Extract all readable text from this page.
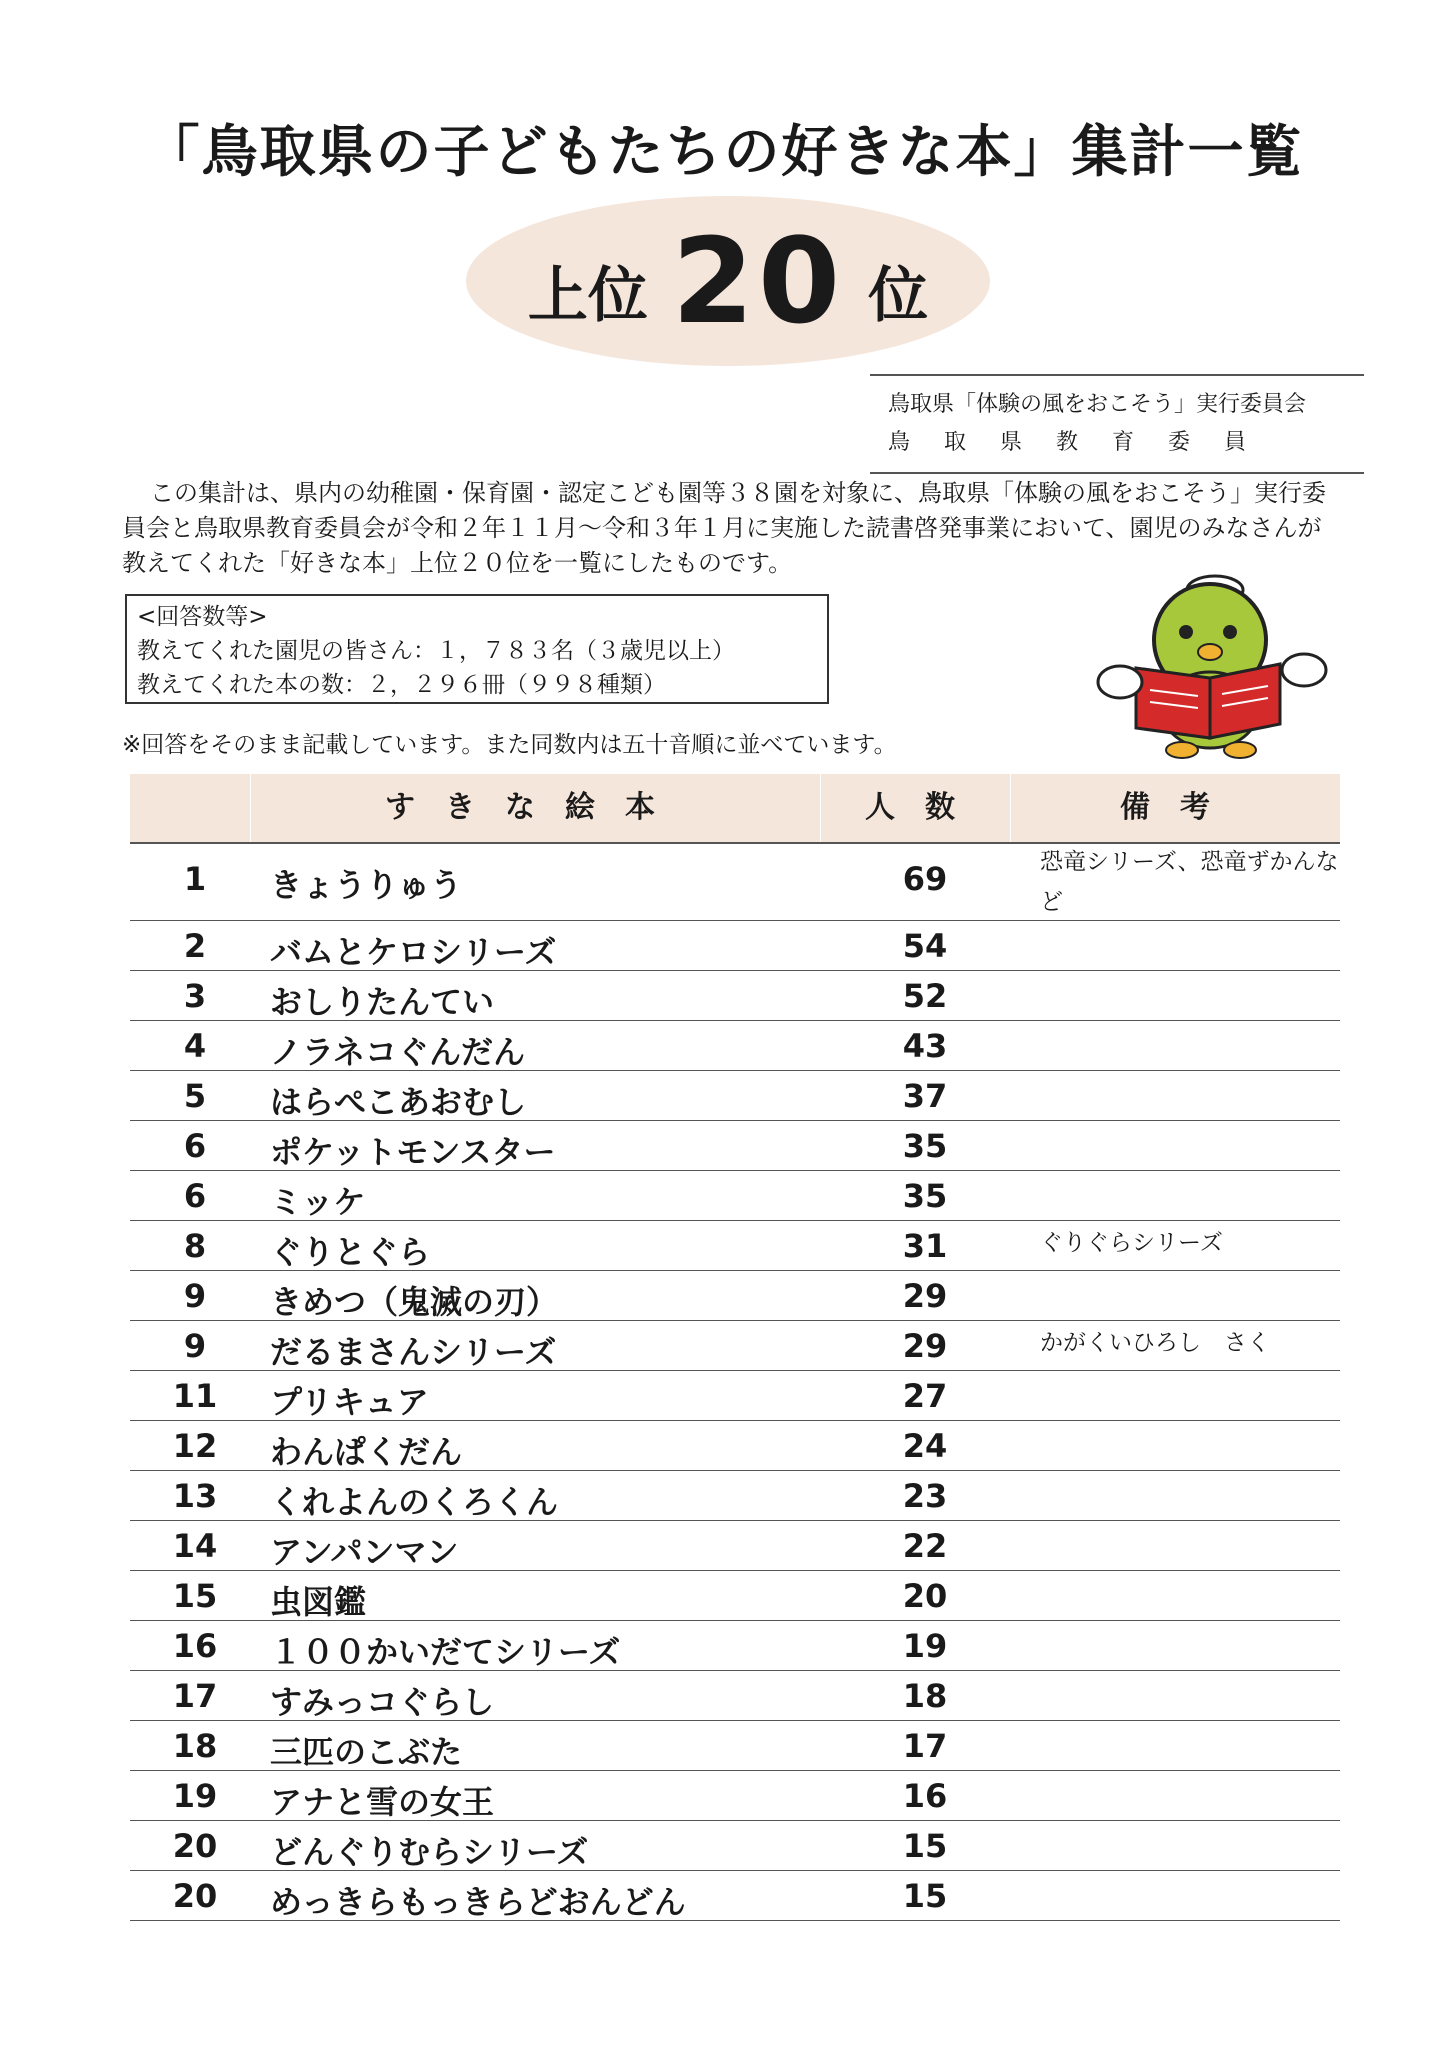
「鳥取県の子どもたちの好きな本」集計一覧
上位 20 位
鳥取県「体験の風をおこそう」実行委員会
鳥取県教育委員
この集計は、県内の幼稚園・保育園・認定こども園等３８園を対象に、鳥取県「体験の風をおこそう」実行委員会と鳥取県教育委員会が令和２年１１月～令和３年１月に実施した読書啓発事業において、園児のみなさんが教えてくれた「好きな本」上位２０位を一覧にしたものです。
<回答数等>
教えてくれた園児の皆さん：１，７８３名（３歳児以上）
教えてくれた本の数：２，２９６冊（９９８種類）
※回答をそのまま記載しています。また同数内は五十音順に並べています。
すきな絵本	人数	備考
1	きょうりゅう	69	恐竜シリーズ、恐竜ずかんなど
2	バムとケロシリーズ	54
3	おしりたんてい	52
4	ノラネコぐんだん	43
5	はらぺこあおむし	37
6	ポケットモンスター	35
6	ミッケ	35
8	ぐりとぐら	31	ぐりぐらシリーズ
9	きめつ（鬼滅の刃）	29
9	だるまさんシリーズ	29	かがくいひろし　さく
11	プリキュア	27
12	わんぱくだん	24
13	くれよんのくろくん	23
14	アンパンマン	22
15	虫図鑑	20
16	１００かいだてシリーズ	19
17	すみっコぐらし	18
18	三匹のこぶた	17
19	アナと雪の女王	16
20	どんぐりむらシリーズ	15
20	めっきらもっきらどおんどん	15
